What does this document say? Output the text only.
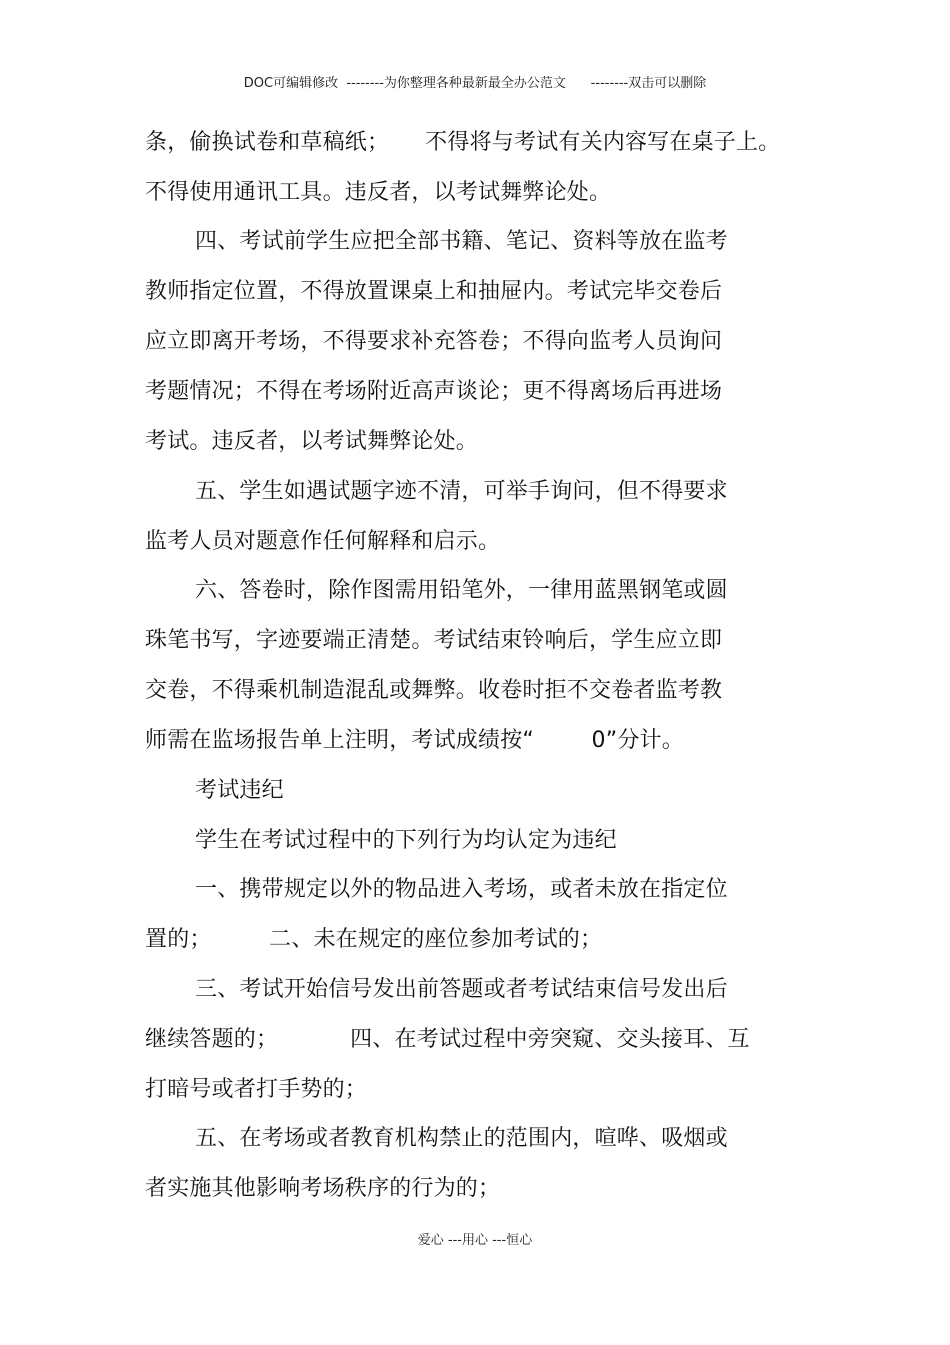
DOC可编辑修改  --------为你整理各种最新最全办公范文      --------双击可以删除
条，偷换试卷和草稿纸；     不得将与考试有关内容写在桌子上。
不得使用通讯工具。违反者，以考试舞弊论处。
四、考试前学生应把全部书籍、笔记、资料等放在监考
教师指定位置，不得放置课桌上和抽屉内。考试完毕交卷后
应立即离开考场，不得要求补充答卷；不得向监考人员询问
考题情况；不得在考场附近高声谈论；更不得离场后再进场
考试。违反者，以考试舞弊论处。
五、学生如遇试题字迹不清，可举手询问，但不得要求
监考人员对题意作任何解释和启示。
六、答卷时，除作图需用铅笔外，一律用蓝黑钢笔或圆
珠笔书写，字迹要端正清楚。考试结束铃响后，学生应立即
交卷，不得乘机制造混乱或舞弊。收卷时拒不交卷者监考教
师需在监场报告单上注明，考试成绩按“        0”分计。
考试违纪
学生在考试过程中的下列行为均认定为违纪
一、携带规定以外的物品进入考场，或者未放在指定位
置的；        二、未在规定的座位参加考试的；
三、考试开始信号发出前答题或者考试结束信号发出后
继续答题的；          四、在考试过程中旁突窥、交头接耳、互
打暗号或者打手势的；
五、在考场或者教育机构禁止的范围内，喧哗、吸烟或
者实施其他影响考场秩序的行为的；
爱心 ---用心 ---恒心
